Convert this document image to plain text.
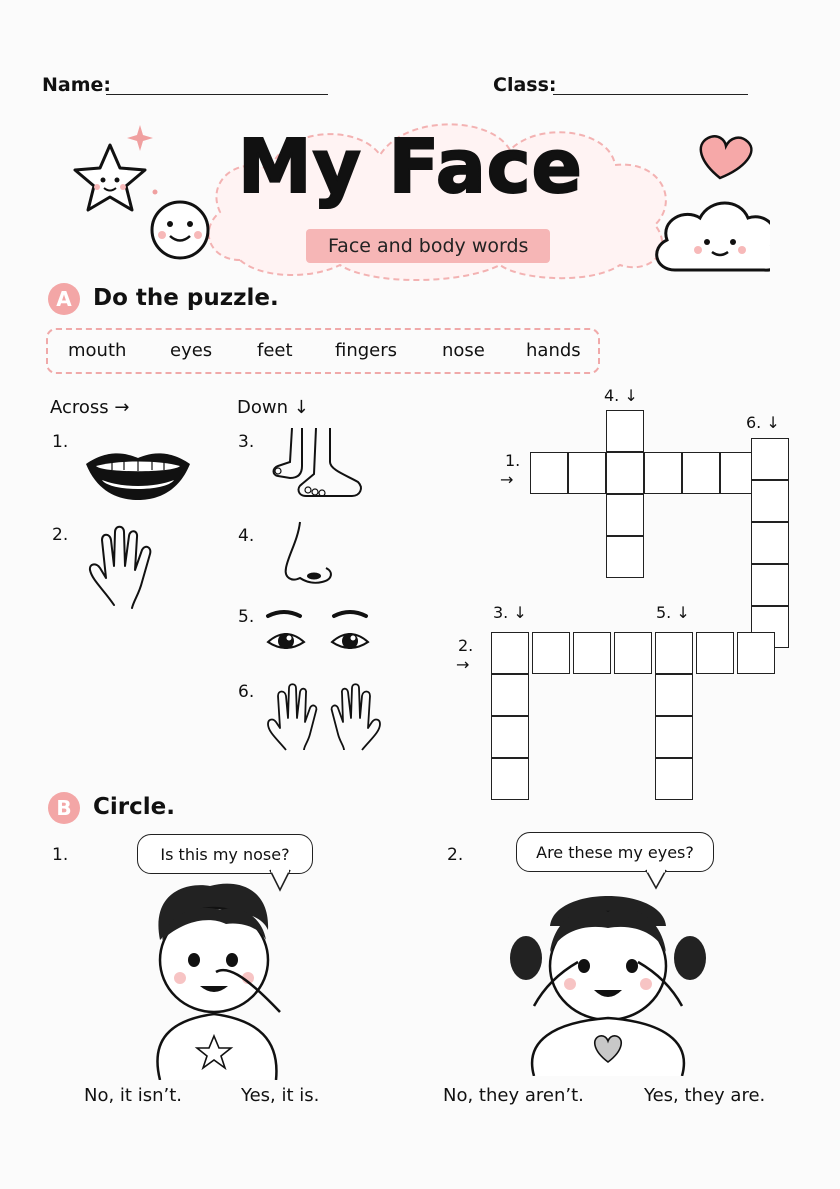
Name:	Class:
My Face
Face and body words
A Do the puzzle.
mouth eyes feet fingers nose hands
Across →	Down ↓
1.
2.
3.
4.
5.
6.
4. ↓
6. ↓
1.
→
3. ↓	5. ↓
2.
→
B Circle.
1.	Is this my nose?
No, it isn’t.	Yes, it is.
2.	Are these my eyes?
No, they aren’t.	Yes, they are.
